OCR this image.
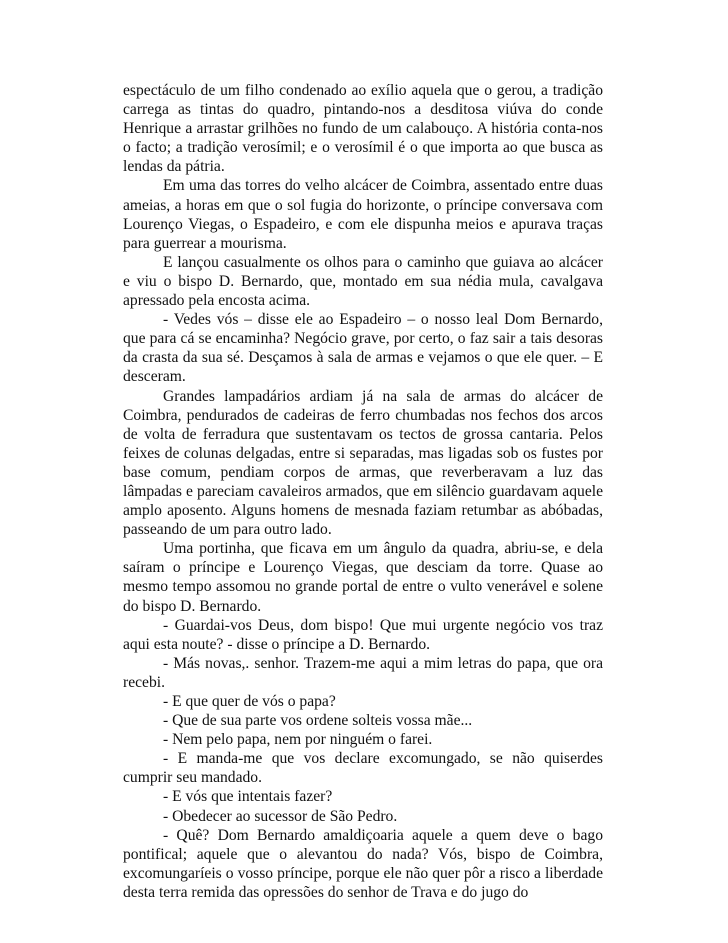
espectáculo de um filho condenado ao exílio aquela que o gerou, a tradição carrega as tintas do quadro, pintando-nos a desditosa viúva do conde Henrique a arrastar grilhões no fundo de um calabouço. A história conta-nos o facto; a tradição verosímil; e o verosímil é o que importa ao que busca as lendas da pátria.

Em uma das torres do velho alcácer de Coimbra, assentado entre duas ameias, a horas em que o sol fugia do horizonte, o príncipe conversava com Lourenço Viegas, o Espadeiro, e com ele dispunha meios e apurava traças para guerrear a mourisma.

E lançou casualmente os olhos para o caminho que guiava ao alcácer e viu o bispo D. Bernardo, que, montado em sua nédia mula, cavalgava apressado pela encosta acima.

- Vedes vós – disse ele ao Espadeiro – o nosso leal Dom Bernardo, que para cá se encaminha? Negócio grave, por certo, o faz sair a tais desoras da crasta da sua sé. Desçamos à sala de armas e vejamos o que ele quer. – E desceram.

Grandes lampadários ardiam já na sala de armas do alcácer de Coimbra, pendurados de cadeiras de ferro chumbadas nos fechos dos arcos de volta de ferradura que sustentavam os tectos de grossa cantaria. Pelos feixes de colunas delgadas, entre si separadas, mas ligadas sob os fustes por base comum, pendiam corpos de armas, que reverberavam a luz das lâmpadas e pareciam cavaleiros armados, que em silêncio guardavam aquele amplo aposento. Alguns homens de mesnada faziam retumbar as abóbadas, passeando de um para outro lado.

Uma portinha, que ficava em um ângulo da quadra, abriu-se, e dela saíram o príncipe e Lourenço Viegas, que desciam da torre. Quase ao mesmo tempo assomou no grande portal de entre o vulto venerável e solene do bispo D. Bernardo.

- Guardai-vos Deus, dom bispo! Que mui urgente negócio vos traz aqui esta noute? - disse o príncipe a D. Bernardo.

- Más novas,. senhor. Trazem-me aqui a mim letras do papa, que ora recebi.

- E que quer de vós o papa?

- Que de sua parte vos ordene solteis vossa mãe...

- Nem pelo papa, nem por ninguém o farei.

- E manda-me que vos declare excomungado, se não quiserdes cumprir seu mandado.

- E vós que intentais fazer?

- Obedecer ao sucessor de São Pedro.

- Quê? Dom Bernardo amaldiçoaria aquele a quem deve o bago pontifical; aquele que o alevantou do nada? Vós, bispo de Coimbra, excomungaríeis o vosso príncipe, porque ele não quer pôr a risco a liberdade desta terra remida das opressões do senhor de Trava e do jugo do
